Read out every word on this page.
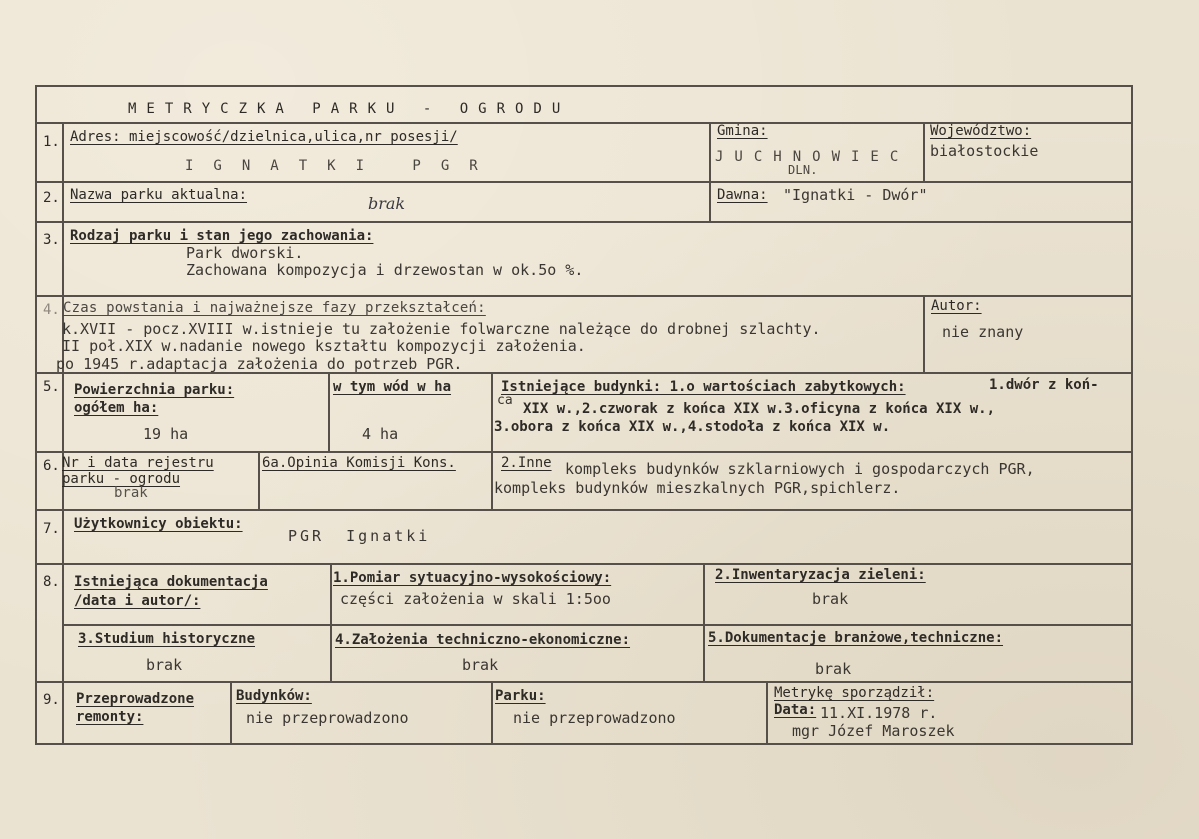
METRYCZKA PARKU - OGRODU
1. Adres: miejscowość/dzielnica,ulica,nr posesji/
IGNATKI PGR
Gmina:
JUCHNOWIEC
DLN.
Województwo:
białostockie
2. Nazwa parku aktualna:	brak	Dawna: "Ignatki - Dwór"
3. Rodzaj parku i stan jego zachowania:
Park dworski.
Zachowana kompozycja i drzewostan w ok.5o %.
4. Czas powstania i najważnejsze fazy przekształceń:
k.XVII - pocz.XVIII w.istnieje tu założenie folwarczne należące do drobnej szlachty.
II poł.XIX w.nadanie nowego kształtu kompozycji założenia.
po 1945 r.adaptacja założenia do potrzeb PGR.
Autor:
nie znany
5. Powierzchnia parku:
ogółem ha:
19 ha
w tym wód w ha
4 ha
Istniejące budynki: 1.o wartościach zabytkowych:	1.dwór z koń-
ca
XIX w.,2.czworak z końca XIX w.3.oficyna z końca XIX w.,
3.obora z końca XIX w.,4.stodoła z końca XIX w.
6. Nr i data rejestru
parku - ogrodu
brak
6a.Opinia Komisji Kons.	2.Inne kompleks budynków szklarniowych i gospodarczych PGR,
kompleks budynków mieszkalnych PGR,spichlerz.
7. Użytkownicy obiektu:
PGR Ignatki
8. Istniejąca dokumentacja
/data i autor/:
1.Pomiar sytuacyjno-wysokościowy:
części założenia w skali 1:5oo
2.Inwentaryzacja zieleni:
brak
3.Studium historyczne
brak
4.Założenia techniczno-ekonomiczne:
brak
5.Dokumentacje branżowe,techniczne:
brak
9. Przeprowadzone
remonty:
Budynków:
nie przeprowadzono
Parku:
nie przeprowadzono
Metrykę sporządził:
Data: 11.XI.1978 r.
mgr Józef Maroszek
